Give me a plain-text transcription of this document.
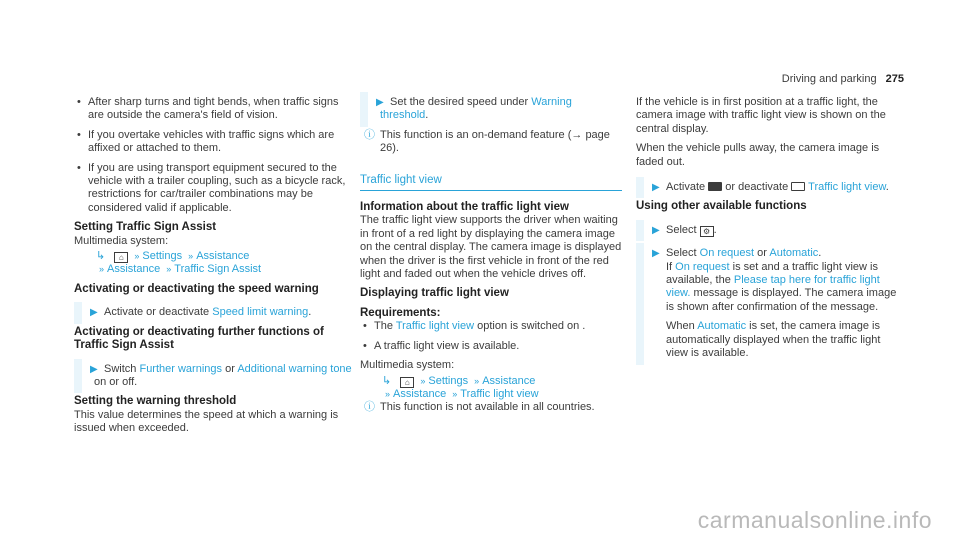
Driving and parking 275
• After sharp turns and tight bends, when traffic signs are outside the camera's field of vision.
• If you overtake vehicles with traffic signs which are affixed or attached to them.
• If you are using transport equipment secured to the vehicle with a trailer coupling, such as a bicycle rack, restrictions for car/trailer combinations may be considered valid if applicable.
Setting Traffic Sign Assist

Multimedia system:

↳ ⌂ » Settings » Assistance
» Assistance » Traffic Sign Assist
Activating or deactivating the speed warning
▶ Activate or deactivate Speed limit warning.
Activating or deactivating further functions of Traffic Sign Assist
▶ Switch Further warnings or Additional warning tone on or off.
Setting the warning threshold

This value determines the speed at which a warning is issued when exceeded.

▶ Set the desired speed under Warning threshold.
ⓘ This function is an on-demand feature (→ page 26).
Traffic light view
Information about the traffic light view

The traffic light view supports the driver when waiting in front of a red light by displaying the camera image on the central display. The camera image is displayed when the driver is the first vehicle in front of the red light and faded out when the vehicle drives off.

Displaying traffic light view
Requirements:
• The Traffic light view option is switched on .
• A traffic light view is available.

Multimedia system:

↳ ⌂ » Settings » Assistance
» Assistance » Traffic light view
ⓘ This function is not available in all countries.

If the vehicle is in first position at a traffic light, the camera image with traffic light view is shown on the central display.

When the vehicle pulls away, the camera image is faded out.

▶ Activate  or deactivate  Traffic light view.
Using other available functions
▶ Select ⚙ .
▶ Select On request or Automatic.
If On request is set and a traffic light view is available, the Please tap here for traffic light view. message is displayed. The camera image is shown after confirmation of the message.

When Automatic is set, the camera image is automatically displayed when the traffic light view is available.

carmanualsonline.info
